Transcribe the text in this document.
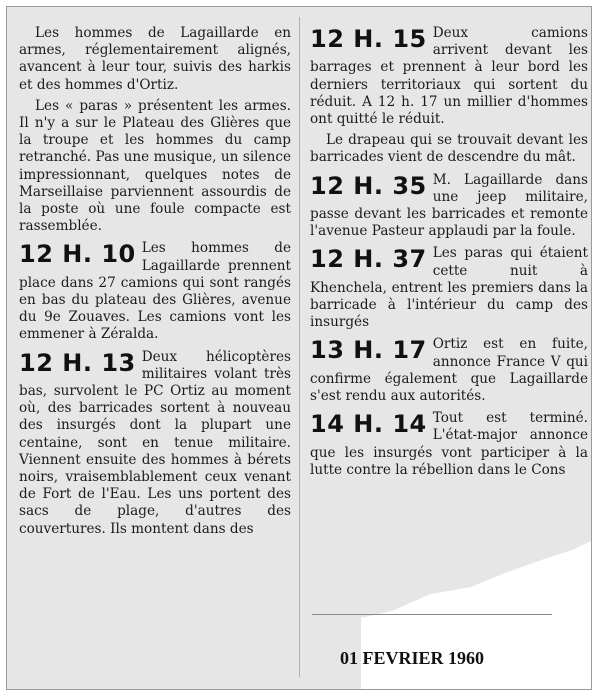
Les hommes de Lagaillarde en armes, réglementairement alignés, avancent à leur tour, suivis des harkis et des hommes d'Ortiz.

Les « paras » présentent les armes. Il n'y a sur le Plateau des Glières que la troupe et les hommes du camp retranché. Pas une musique, un silence impressionnant, quelques notes de Marseillaise parviennent assourdis de la poste où une foule compacte est rassemblée.

12 H. 10 Les hommes de Lagaillarde prennent place dans 27 camions qui sont rangés en bas du plateau des Glières, avenue du 9e Zouaves. Les camions vont les emmener à Zéralda.

12 H. 13 Deux hélicoptères militaires volant très bas, survolent le PC Ortiz au moment où, des barricades sortent à nouveau des insurgés dont la plupart une centaine, sont en tenue militaire. Viennent ensuite des hommes à bérets noirs, vraisemblablement ceux venant de Fort de l'Eau. Les uns portent des sacs de plage, d'autres des couvertures. Ils montent dans des

12 H. 15 Deux camions arrivent devant les barrages et prennent à leur bord les derniers territoriaux qui sortent du réduit. A 12 h. 17 un millier d'hommes ont quitté le réduit.

Le drapeau qui se trouvait devant les barricades vient de descendre du mât.

12 H. 35 M. Lagaillarde dans une jeep militaire, passe devant les barricades et remonte l'avenue Pasteur applaudi par la foule.

12 H. 37 Les paras qui étaient cette nuit à Khenchela, entrent les premiers dans la barricade à l'intérieur du camp des insurgés

13 H. 17 Ortiz est en fuite, annonce France V qui confirme également que Lagaillarde s'est rendu aux autorités.

14 H. 14 Tout est terminé. L'état-major annonce que les insurgés vont participer à la lutte contre la rébellion dans le Cons

01 FEVRIER 1960
